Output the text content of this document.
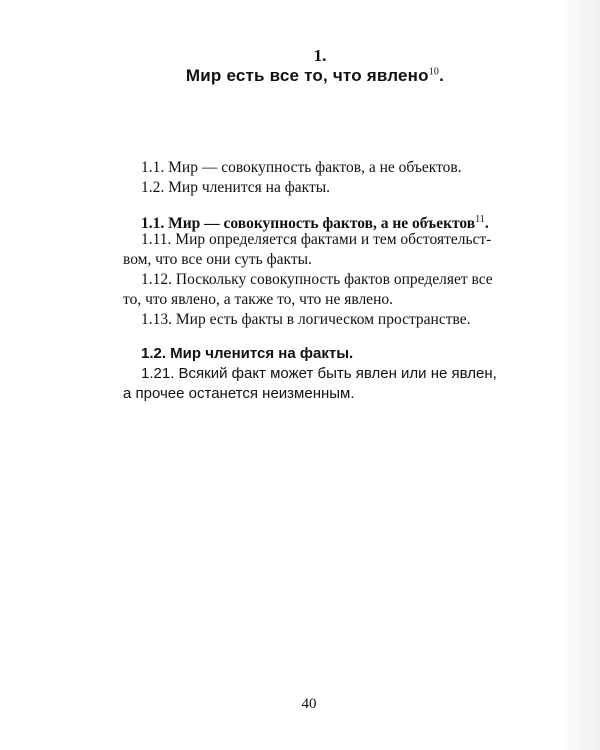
1.
Мир есть все то, что явлено$^{10}$.
1.1. Мир — совокупность фактов, а не объектов.
1.2. Мир членится на факты.
1.1. Мир — совокупность фактов, а не объектов$^{11}$.
1.11. Мир определяется фактами и тем обстоятельст-
вом, что все они суть факты.
1.12. Поскольку совокупность фактов определяет все
то, что явлено, а также то, что не явлено.
1.13. Мир есть факты в логическом пространстве.
1.2. Мир членится на факты.
1.21. Всякий факт может быть явлен или не явлен,
а прочее останется неизменным.
40
